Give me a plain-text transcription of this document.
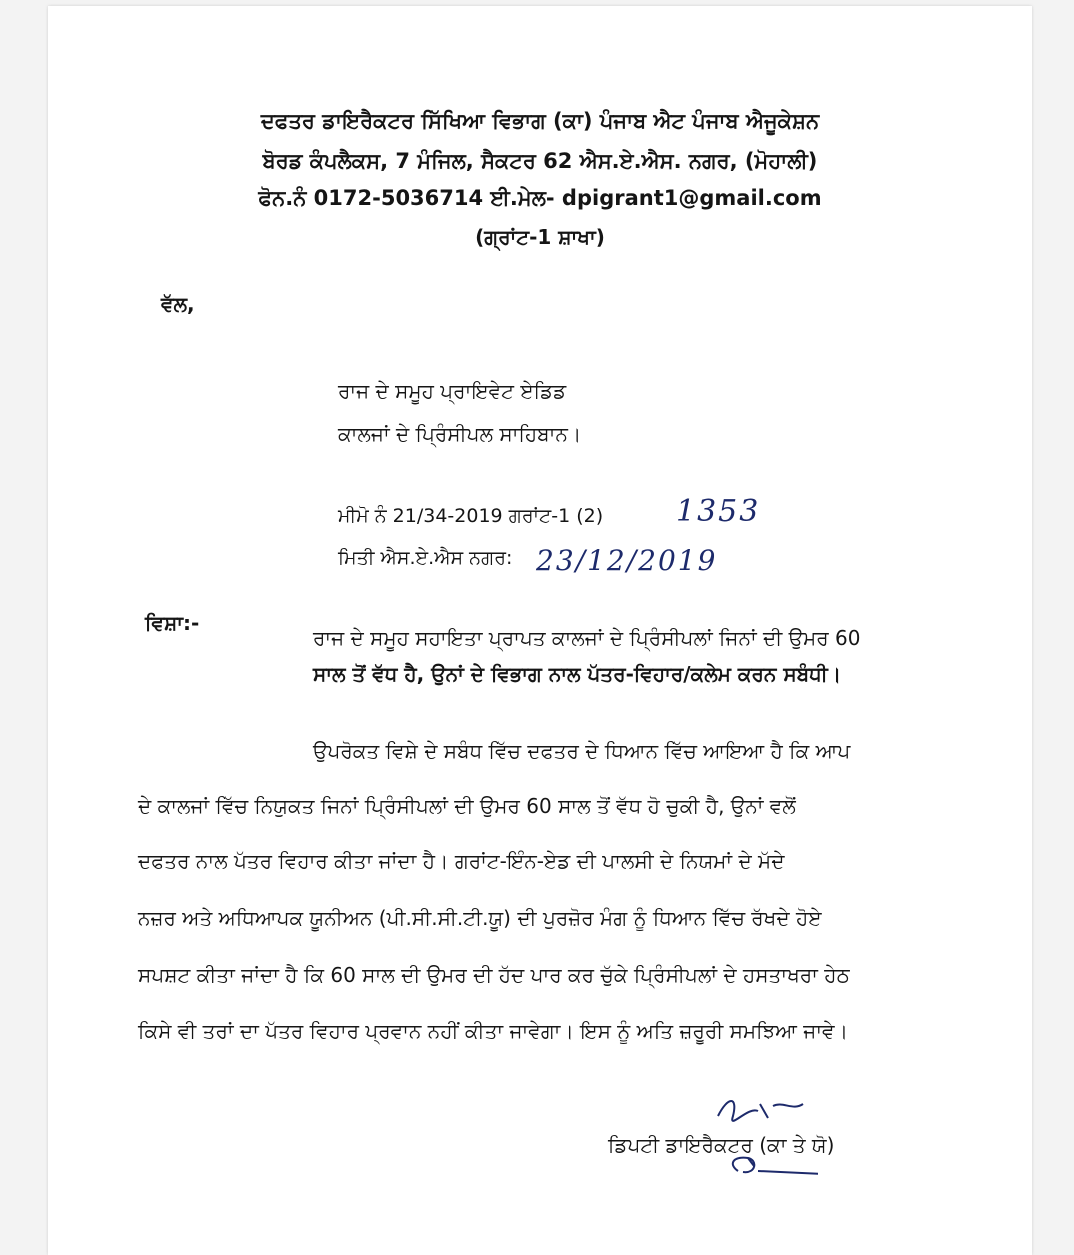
ਦਫਤਰ ਡਾਇਰੈਕਟਰ ਸਿੱਖਿਆ ਵਿਭਾਗ (ਕਾ) ਪੰਜਾਬ ਐਟ ਪੰਜਾਬ ਐਜੂਕੇਸ਼ਨ
ਬੋਰਡ ਕੰਪਲੈਕਸ, 7 ਮੰਜਿਲ, ਸੈਕਟਰ 62 ਐਸ.ਏ.ਐਸ. ਨਗਰ, (ਮੋਹਾਲੀ)
ਫੋਨ.ਨੰ 0172-5036714 ਈ.ਮੇਲ- dpigrant1@gmail.com
(ਗ੍ਰਾਂਟ-1 ਸ਼ਾਖਾ)
ਵੱਲ,
ਰਾਜ ਦੇ ਸਮੂਹ ਪ੍ਰਾਇਵੇਟ ਏਡਿਡ
ਕਾਲਜਾਂ ਦੇ ਪ੍ਰਿੰਸੀਪਲ ਸਾਹਿਬਾਨ।
ਮੀਮੋ ਨੰ 21/34-2019 ਗਰਾਂਟ-1 (2) 1353
ਮਿਤੀ ਐਸ.ਏ.ਐਸ ਨਗਰ: 23/12/2019
ਵਿਸ਼ਾ:-
ਰਾਜ ਦੇ ਸਮੂਹ ਸਹਾਇਤਾ ਪ੍ਰਾਪਤ ਕਾਲਜਾਂ ਦੇ ਪ੍ਰਿੰਸੀਪਲਾਂ ਜਿਨਾਂ ਦੀ ਉਮਰ 60
ਸਾਲ ਤੋਂ ਵੱਧ ਹੈ, ਉਨਾਂ ਦੇ ਵਿਭਾਗ ਨਾਲ ਪੱਤਰ-ਵਿਹਾਰ/ਕਲੇਮ ਕਰਨ ਸਬੰਧੀ।
ਉਪਰੋਕਤ ਵਿਸ਼ੇ ਦੇ ਸਬੰਧ ਵਿੱਚ ਦਫਤਰ ਦੇ ਧਿਆਨ ਵਿੱਚ ਆਇਆ ਹੈ ਕਿ ਆਪ
ਦੇ ਕਾਲਜਾਂ ਵਿੱਚ ਨਿਯੁਕਤ ਜਿਨਾਂ ਪ੍ਰਿੰਸੀਪਲਾਂ ਦੀ ਉਮਰ 60 ਸਾਲ ਤੋਂ ਵੱਧ ਹੋ ਚੁਕੀ ਹੈ, ਉਨਾਂ ਵਲੋਂ
ਦਫਤਰ ਨਾਲ ਪੱਤਰ ਵਿਹਾਰ ਕੀਤਾ ਜਾਂਦਾ ਹੈ। ਗਰਾਂਟ-ਇੰਨ-ਏਡ ਦੀ ਪਾਲਸੀ ਦੇ ਨਿਯਮਾਂ ਦੇ ਮੱਦੇ
ਨਜ਼ਰ ਅਤੇ ਅਧਿਆਪਕ ਯੂਨੀਅਨ (ਪੀ.ਸੀ.ਸੀ.ਟੀ.ਯੂ) ਦੀ ਪੁਰਜ਼ੋਰ ਮੰਗ ਨੂੰ ਧਿਆਨ ਵਿੱਚ ਰੱਖਦੇ ਹੋਏ
ਸਪਸ਼ਟ ਕੀਤਾ ਜਾਂਦਾ ਹੈ ਕਿ 60 ਸਾਲ ਦੀ ਉਮਰ ਦੀ ਹੱਦ ਪਾਰ ਕਰ ਚੁੱਕੇ ਪ੍ਰਿੰਸੀਪਲਾਂ ਦੇ ਹਸਤਾਖਰਾ ਹੇਠ
ਕਿਸੇ ਵੀ ਤਰਾਂ ਦਾ ਪੱਤਰ ਵਿਹਾਰ ਪ੍ਰਵਾਨ ਨਹੀਂ ਕੀਤਾ ਜਾਵੇਗਾ। ਇਸ ਨੂੰ ਅਤਿ ਜ਼ਰੂਰੀ ਸਮਝਿਆ ਜਾਵੇ।
ਡਿਪਟੀ ਡਾਇਰੈਕਟਰ (ਕਾ ਤੇ ਯੋ)
